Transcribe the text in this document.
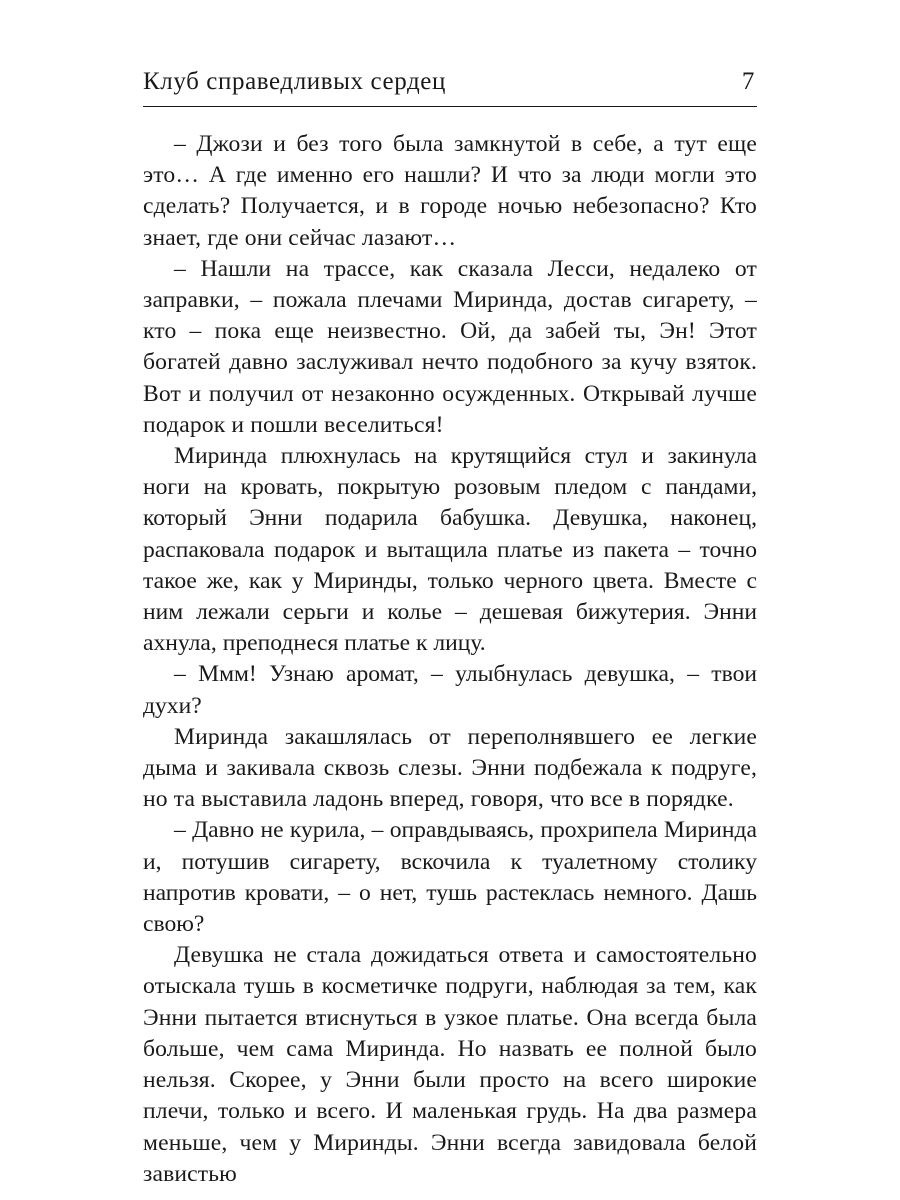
Клуб справедливых сердец	7

– Джози и без того была замкнутой в себе, а тут еще это… А где именно его нашли? И что за люди могли это сделать? Получается, и в городе ночью небезопасно? Кто знает, где они сейчас лазают…

– Нашли на трассе, как сказала Лесси, недалеко от заправки, – пожала плечами Миринда, достав сигарету, – кто – пока еще неизвестно. Ой, да забей ты, Эн! Этот богатей давно заслуживал нечто подобного за кучу взяток. Вот и получил от незаконно осужденных. Открывай лучше подарок и пошли веселиться!

Миринда плюхнулась на крутящийся стул и закинула ноги на кровать, покрытую розовым пледом с пандами, который Энни подарила бабушка. Девушка, наконец, распаковала подарок и вытащила платье из пакета – точно такое же, как у Миринды, только черного цвета. Вместе с ним лежали серьги и колье – дешевая бижутерия. Энни ахнула, преподнеся платье к лицу.

– Ммм! Узнаю аромат, – улыбнулась девушка, – твои духи?

Миринда закашлялась от переполнявшего ее легкие дыма и закивала сквозь слезы. Энни подбежала к подруге, но та выставила ладонь вперед, говоря, что все в порядке.

– Давно не курила, – оправдываясь, прохрипела Миринда и, потушив сигарету, вскочила к туалетному столику напротив кровати, – о нет, тушь растеклась немного. Дашь свою?

Девушка не стала дожидаться ответа и самостоятельно отыскала тушь в косметичке подруги, наблюдая за тем, как Энни пытается втиснуться в узкое платье. Она всегда была больше, чем сама Миринда. Но назвать ее полной было нельзя. Скорее, у Энни были просто на всего широкие плечи, только и всего. И маленькая грудь. На два размера меньше, чем у Миринды. Энни всегда завидовала белой завистью
